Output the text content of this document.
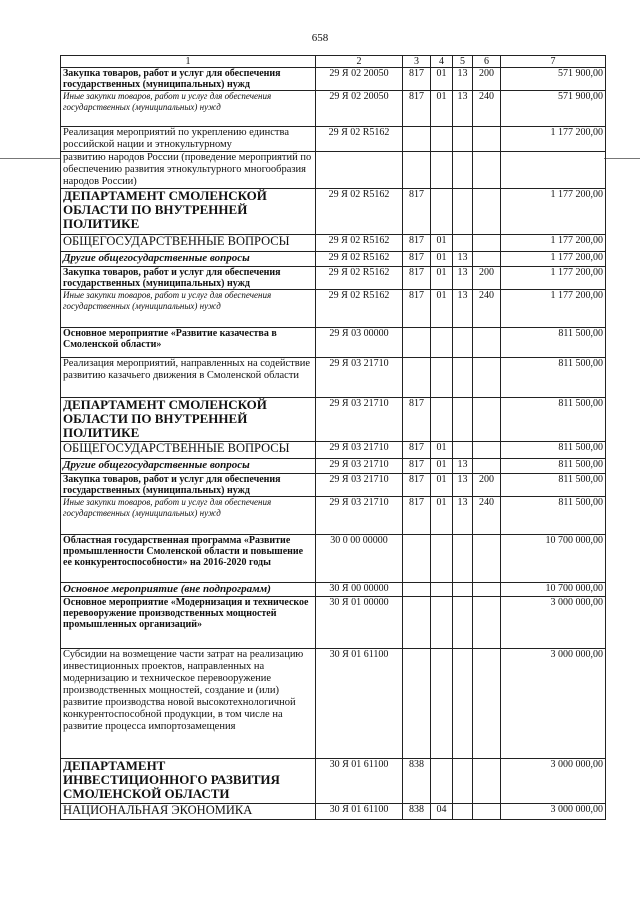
658
1	2	3	4	5	6	7
Закупка товаров, работ и услуг для обеспечения государственных (муниципальных) нужд	29 Я 02 20050	817	01	13	200	571 900,00
Иные закупки товаров, работ и услуг для обеспечения государственных (муниципальных) нужд	29 Я 02 20050	817	01	13	240	571 900,00
Реализация мероприятий по укреплению единства российской нации и этнокультурному	29 Я 02 R5162					1 177 200,00
развитию народов России (проведение мероприятий по обеспечению развития этнокультурного многообразия народов России)						
ДЕПАРТАМЕНТ СМОЛЕНСКОЙ ОБЛАСТИ ПО ВНУТРЕННЕЙ ПОЛИТИКЕ	29 Я 02 R5162	817				1 177 200,00
ОБЩЕГОСУДАРСТВЕННЫЕ ВОПРОСЫ	29 Я 02 R5162	817	01			1 177 200,00
Другие общегосударственные вопросы	29 Я 02 R5162	817	01	13		1 177 200,00
Закупка товаров, работ и услуг для обеспечения государственных (муниципальных) нужд	29 Я 02 R5162	817	01	13	200	1 177 200,00
Иные закупки товаров, работ и услуг для обеспечения государственных (муниципальных) нужд	29 Я 02 R5162	817	01	13	240	1 177 200,00
Основное мероприятие «Развитие казачества в Смоленской области»	29 Я 03 00000					811 500,00
Реализация мероприятий, направленных на содействие развитию казачьего движения в Смоленской области	29 Я 03 21710					811 500,00
ДЕПАРТАМЕНТ СМОЛЕНСКОЙ ОБЛАСТИ ПО ВНУТРЕННЕЙ ПОЛИТИКЕ	29 Я 03 21710	817				811 500,00
ОБЩЕГОСУДАРСТВЕННЫЕ ВОПРОСЫ	29 Я 03 21710	817	01			811 500,00
Другие общегосударственные вопросы	29 Я 03 21710	817	01	13		811 500,00
Закупка товаров, работ и услуг для обеспечения государственных (муниципальных) нужд	29 Я 03 21710	817	01	13	200	811 500,00
Иные закупки товаров, работ и услуг для обеспечения государственных (муниципальных) нужд	29 Я 03 21710	817	01	13	240	811 500,00
Областная государственная программа «Развитие промышленности Смоленской области и повышение ее конкурентоспособности» на 2016-2020 годы	30 0 00 00000					10 700 000,00
Основное мероприятие (вне подпрограмм)	30 Я 00 00000					10 700 000,00
Основное мероприятие «Модернизация и техническое перевооружение производственных мощностей промышленных организаций»	30 Я 01 00000					3 000 000,00
Субсидии на возмещение части затрат на реализацию инвестиционных проектов, направленных на модернизацию и техническое перевооружение производственных мощностей, создание и (или) развитие производства новой высокотехнологичной конкурентоспособной продукции, в том числе на развитие процесса импортозамещения	30 Я 01 61100					3 000 000,00
ДЕПАРТАМЕНТ ИНВЕСТИЦИОННОГО РАЗВИТИЯ СМОЛЕНСКОЙ ОБЛАСТИ	30 Я 01 61100	838				3 000 000,00
НАЦИОНАЛЬНАЯ ЭКОНОМИКА	30 Я 01 61100	838	04			3 000 000,00
